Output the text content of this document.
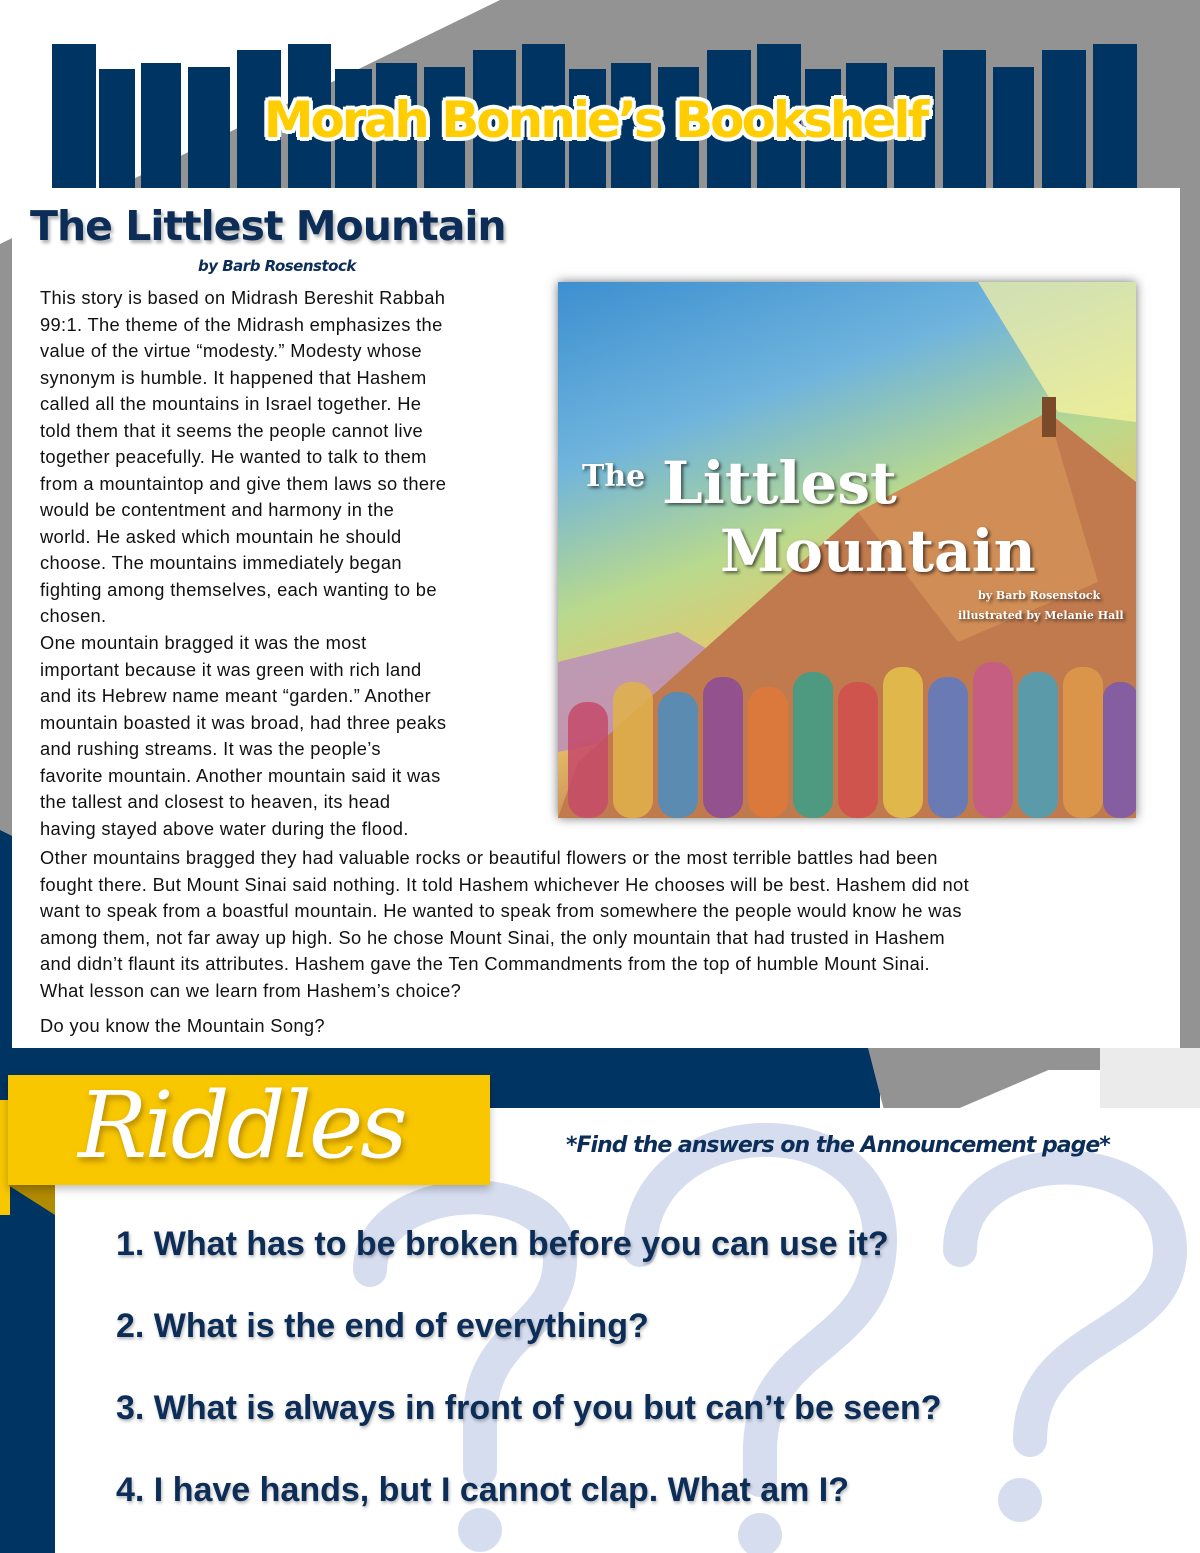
Morah Bonnie’s Bookshelf
The Littlest Mountain
by Barb Rosenstock
This story is based on Midrash Bereshit Rabbah
99:1. The theme of the Midrash emphasizes the
value of the virtue “modesty.” Modesty whose
synonym is humble. It happened that Hashem
called all the mountains in Israel together. He
told them that it seems the people cannot live
together peacefully. He wanted to talk to them
from a mountaintop and give them laws so there
would be contentment and harmony in the
world. He asked which mountain he should
choose. The mountains immediately began
fighting among themselves, each wanting to be
chosen.
One mountain bragged it was the most
important because it was green with rich land
and its Hebrew name meant “garden.” Another
mountain boasted it was broad, had three peaks
and rushing streams. It was the people’s
favorite mountain. Another mountain said it was
the tallest and closest to heaven, its head
having stayed above water during the flood.
Other mountains bragged they had valuable rocks or beautiful flowers or the most terrible battles had been
fought there. But Mount Sinai said nothing. It told Hashem whichever He chooses will be best. Hashem did not
want to speak from a boastful mountain. He wanted to speak from somewhere the people would know he was
among them, not far away up high. So he chose Mount Sinai, the only mountain that had trusted in Hashem
and didn’t flaunt its attributes. Hashem gave the Ten Commandments from the top of humble Mount Sinai.
What lesson can we learn from Hashem’s choice?
Do you know the Mountain Song?
The Littlest
Mountain
by Barb Rosenstock
illustrated by Melanie Hall
Riddles	*Find the answers on the Announcement page*
1. What has to be broken before you can use it?
2. What is the end of everything?
3. What is always in front of you but can’t be seen?
4. I have hands, but I cannot clap. What am I?
